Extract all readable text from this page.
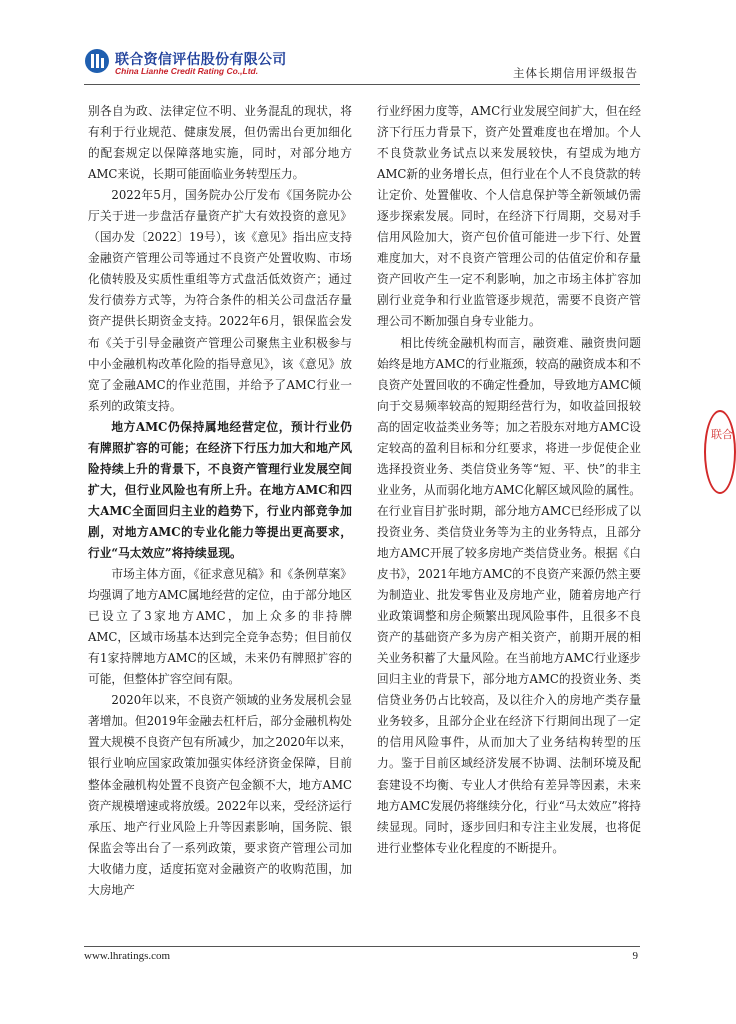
联合资信评估股份有限公司
China Lianhe Credit Rating Co.,Ltd.	主体长期信用评级报告

别各自为政、法律定位不明、业务混乱的现状，将有利于行业规范、健康发展，但仍需出台更加细化的配套规定以保障落地实施，同时，对部分地方AMC来说，长期可能面临业务转型压力。

2022年5月，国务院办公厅发布《国务院办公厅关于进一步盘活存量资产扩大有效投资的意见》（国办发〔2022〕19号），该《意见》指出应支持金融资产管理公司等通过不良资产处置收购、市场化债转股及实质性重组等方式盘活低效资产；通过发行债券方式等，为符合条件的相关公司盘活存量资产提供长期资金支持。2022年6月，银保监会发布《关于引导金融资产管理公司聚焦主业积极参与中小金融机构改革化险的指导意见》，该《意见》放宽了金融AMC的作业范围，并给予了AMC行业一系列的政策支持。

地方AMC仍保持属地经营定位，预计行业仍有牌照扩容的可能；在经济下行压力加大和地产风险持续上升的背景下，不良资产管理行业发展空间扩大，但行业风险也有所上升。在地方AMC和四大AMC全面回归主业的趋势下，行业内部竞争加剧，对地方AMC的专业化能力等提出更高要求，行业“马太效应”将持续显现。

市场主体方面，《征求意见稿》和《条例草案》均强调了地方AMC属地经营的定位，由于部分地区已设立了3家地方AMC，加上众多的非持牌AMC，区域市场基本达到完全竞争态势；但目前仅有1家持牌地方AMC的区域，未来仍有牌照扩容的可能，但整体扩容空间有限。

2020年以来，不良资产领域的业务发展机会显著增加。但2019年金融去杠杆后，部分金融机构处置大规模不良资产包有所减少，加之2020年以来，银行业响应国家政策加强实体经济资金保障，目前整体金融机构处置不良资产包金额不大，地方AMC资产规模增速或将放缓。2022年以来，受经济运行承压、地产行业风险上升等因素影响，国务院、银保监会等出台了一系列政策，要求资产管理公司加大收储力度，适度拓宽对金融资产的收购范围，加大房地产

行业纾困力度等，AMC行业发展空间扩大，但在经济下行压力背景下，资产处置难度也在增加。个人不良贷款业务试点以来发展较快，有望成为地方AMC新的业务增长点，但行业在个人不良贷款的转让定价、处置催收、个人信息保护等全新领域仍需逐步探索发展。同时，在经济下行周期，交易对手信用风险加大，资产包价值可能进一步下行、处置难度加大，对不良资产管理公司的估值定价和存量资产回收产生一定不利影响，加之市场主体扩容加剧行业竞争和行业监管逐步规范，需要不良资产管理公司不断加强自身专业能力。

相比传统金融机构而言，融资难、融资贵问题始终是地方AMC的行业瓶颈，较高的融资成本和不良资产处置回收的不确定性叠加，导致地方AMC倾向于交易频率较高的短期经营行为，如收益回报较高的固定收益类业务等；加之若股东对地方AMC设定较高的盈利目标和分红要求，将进一步促使企业选择投资业务、类信贷业务等“短、平、快”的非主业业务，从而弱化地方AMC化解区域风险的属性。在行业盲目扩张时期，部分地方AMC已经形成了以投资业务、类信贷业务等为主的业务特点，且部分地方AMC开展了较多房地产类信贷业务。根据《白皮书》，2021年地方AMC的不良资产来源仍然主要为制造业、批发零售业及房地产业，随着房地产行业政策调整和房企频繁出现风险事件，且很多不良资产的基础资产多为房产相关资产，前期开展的相关业务积蓄了大量风险。在当前地方AMC行业逐步回归主业的背景下，部分地方AMC的投资业务、类信贷业务仍占比较高，及以往介入的房地产类存量业务较多，且部分企业在经济下行期间出现了一定的信用风险事件，从而加大了业务结构转型的压力。鉴于目前区域经济发展不协调、法制环境及配套建设不均衡、专业人才供给有差异等因素，未来地方AMC发展仍将继续分化，行业“马太效应”将持续显现。同时，逐步回归和专注主业发展，也将促进行业整体专业化程度的不断提升。

www.lhratings.com	9
联合
